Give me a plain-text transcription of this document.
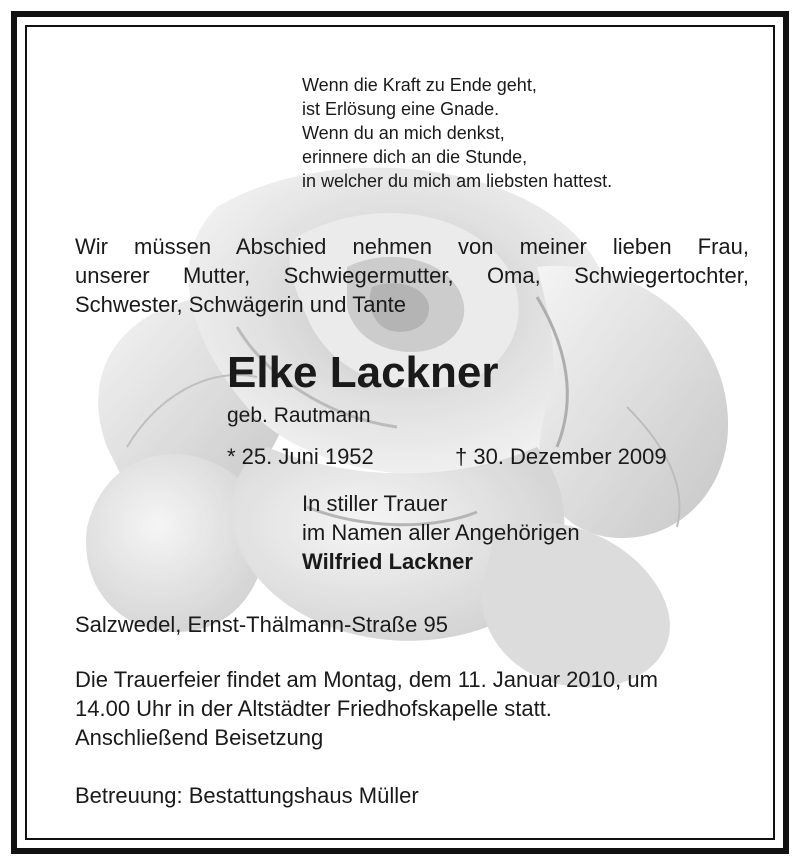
Wenn die Kraft zu Ende geht,
ist Erlösung eine Gnade.
Wenn du an mich denkst,
erinnere dich an die Stunde,
in welcher du mich am liebsten hattest.
Wir müssen Abschied nehmen von meiner lieben Frau,
unserer Mutter, Schwiegermutter, Oma, Schwiegertochter,
Schwester, Schwägerin und Tante
Elke Lackner
geb. Rautmann
* 25. Juni 1952	† 30. Dezember 2009
In stiller Trauer
im Namen aller Angehörigen
Wilfried Lackner
Salzwedel, Ernst-Thälmann-Straße 95
Die Trauerfeier findet am Montag, dem 11. Januar 2010, um
14.00 Uhr in der Altstädter Friedhofskapelle statt.
Anschließend Beisetzung
Betreuung: Bestattungshaus Müller
